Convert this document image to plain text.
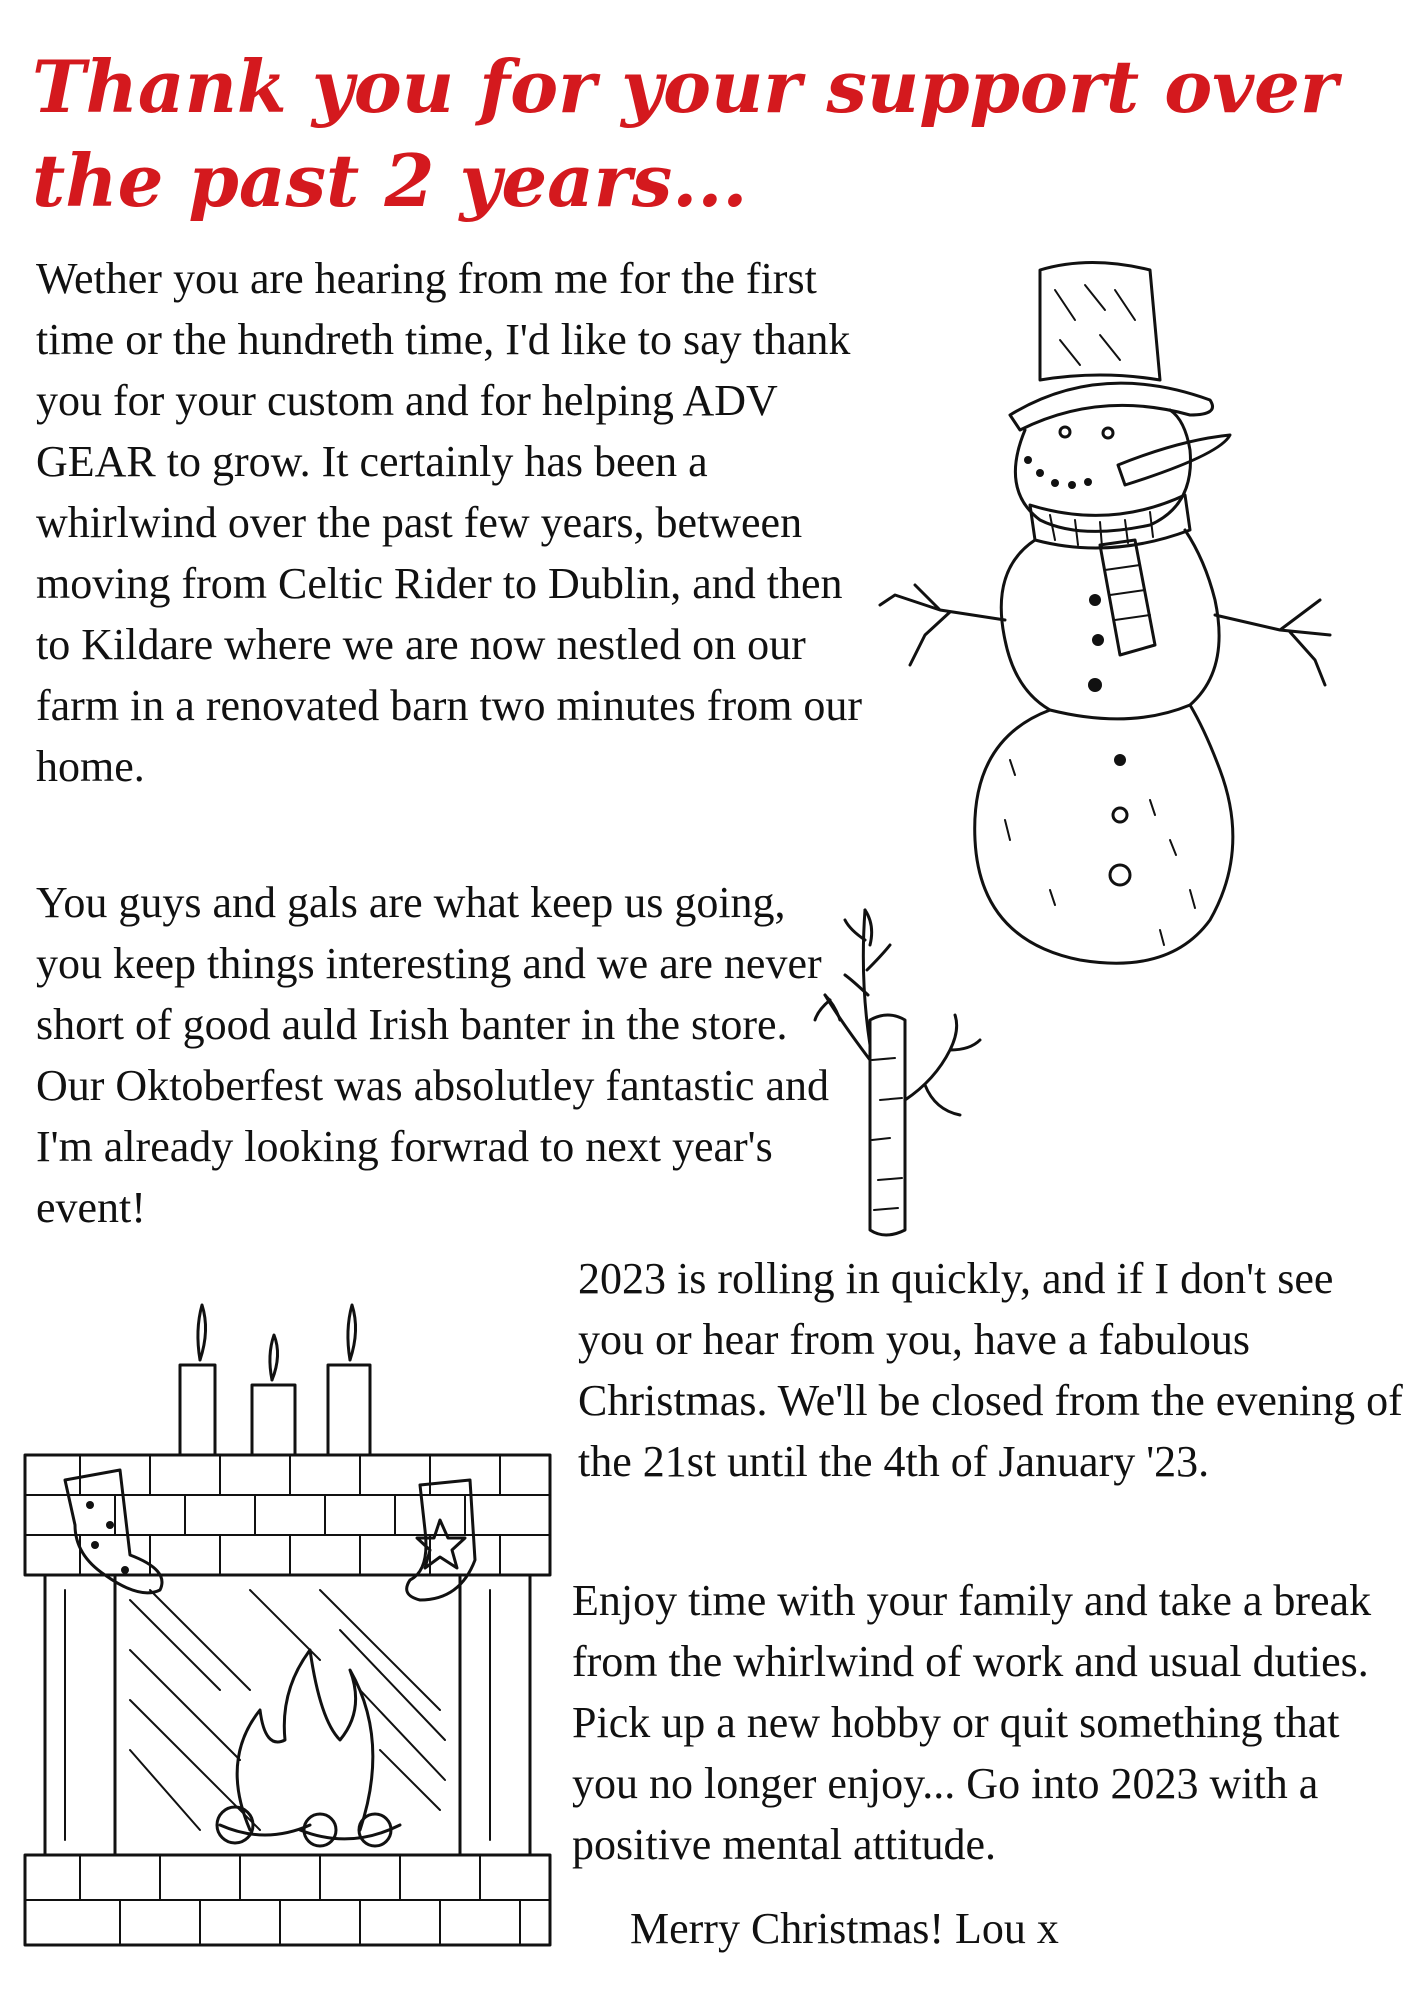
Thank you for your support over the past 2 years...

Wether you are hearing from me for the first time or the hundreth time, I'd like to say thank you for your custom and for helping ADV GEAR to grow. It certainly has been a whirlwind over the past few years, between moving from Celtic Rider to Dublin, and then to Kildare where we are now nestled on our farm in a renovated barn two minutes from our home.

You guys and gals are what keep us going, you keep things interesting and we are never short of good auld Irish banter in the store. Our Oktoberfest was absolutley fantastic and I'm already looking forwrad to next year's event!

2023 is rolling in quickly, and if I don't see you or hear from you, have a fabulous Christmas. We'll be closed from the evening of the 21st until the 4th of January '23.

Enjoy time with your family and take a break from the whirlwind of work and usual duties. Pick up a new hobby or quit something that you no longer enjoy... Go into 2023 with a positive mental attitude.

Merry Christmas! Lou x
